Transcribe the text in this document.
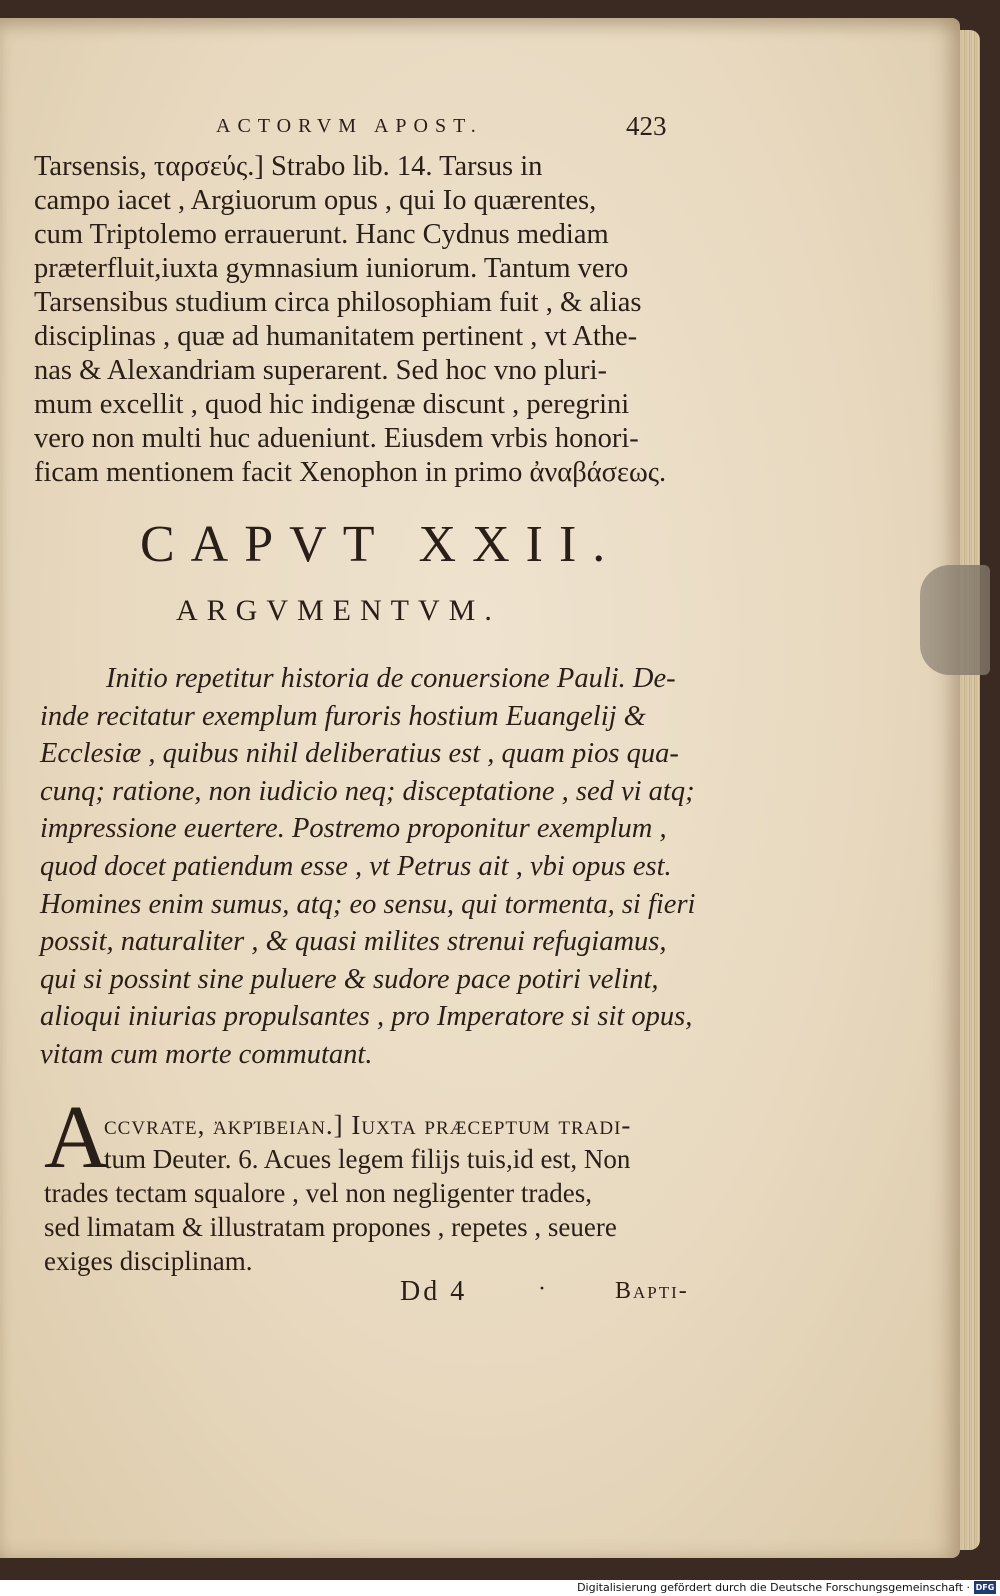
ACTORVM APOST.	423
Tarsensis, ταρσεύς.] Strabo lib. 14. Tarsus in
campo iacet , Argiuorum opus , qui Io quærentes,
cum Triptolemo errauerunt. Hanc Cydnus mediam
præterfluit,iuxta gymnasium iuniorum. Tantum vero
Tarsensibus studium circa philosophiam fuit , & alias
disciplinas , quæ ad humanitatem pertinent , vt Athe-
nas & Alexandriam superarent. Sed hoc vno pluri-
mum excellit , quod hic indigenæ discunt , peregrini
vero non multi huc adueniunt. Eiusdem vrbis honori-
ficam mentionem facit Xenophon in primo ἀναβάσεως.
CAPVT XXII.
ARGVMENTVM.
Initio repetitur historia de conuersione Pauli. De-
inde recitatur exemplum furoris hostium Euangelij &
Ecclesiæ , quibus nihil deliberatius est , quam pios qua-
cunq; ratione, non iudicio neq; disceptatione , sed vi atq;
impressione euertere. Postremo proponitur exemplum ,
quod docet patiendum esse , vt Petrus ait , vbi opus est.
Homines enim sumus, atq; eo sensu, qui tormenta, si fieri
possit, naturaliter , & quasi milites strenui refugiamus,
qui si possint sine puluere & sudore pace potiri velint,
alioqui iniurias propulsantes , pro Imperatore si sit opus,
vitam cum morte commutant.
A
ccvrate, ἀκρίβειαν.] Iuxta præceptum tradi-
tum Deuter. 6. Acues legem filijs tuis,id est, Non
trades tectam squalore , vel non negligenter trades,
sed limatam & illustratam propones , repetes , seuere
exiges disciplinam.
Dd 4	·	Bapti-
Digitalisierung gefördert durch die Deutsche Forschungsgemeinschaft · DFG
